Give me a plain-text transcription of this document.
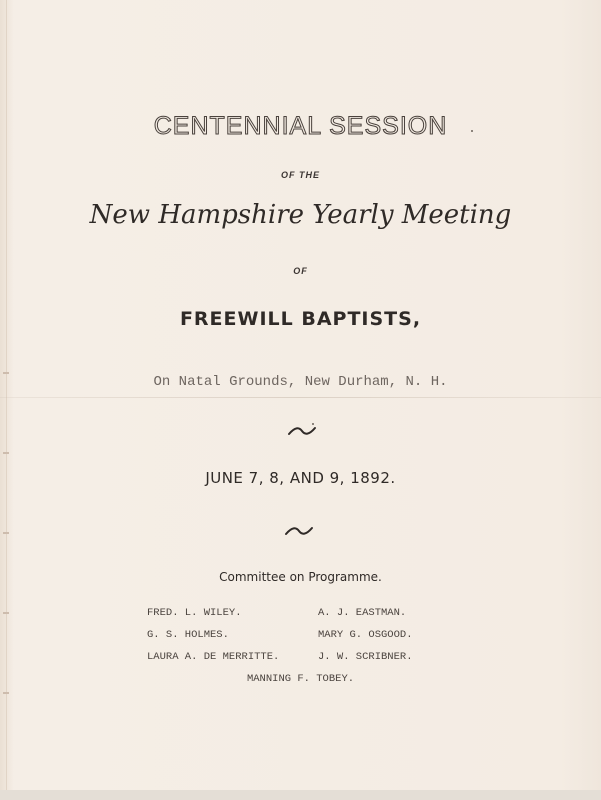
CENTENNIAL SESSION
OF THE
New Hampshire Yearly Meeting
OF
FREEWILL BAPTISTS,
On Natal Grounds, New Durham, N. H.
JUNE 7, 8, AND 9, 1892.
Committee on Programme.
FRED. L. WILEY.	A. J. EASTMAN.
G. S. HOLMES.	MARY G. OSGOOD.
LAURA A. DE MERRITTE.	J. W. SCRIBNER.
MANNING F. TOBEY.
